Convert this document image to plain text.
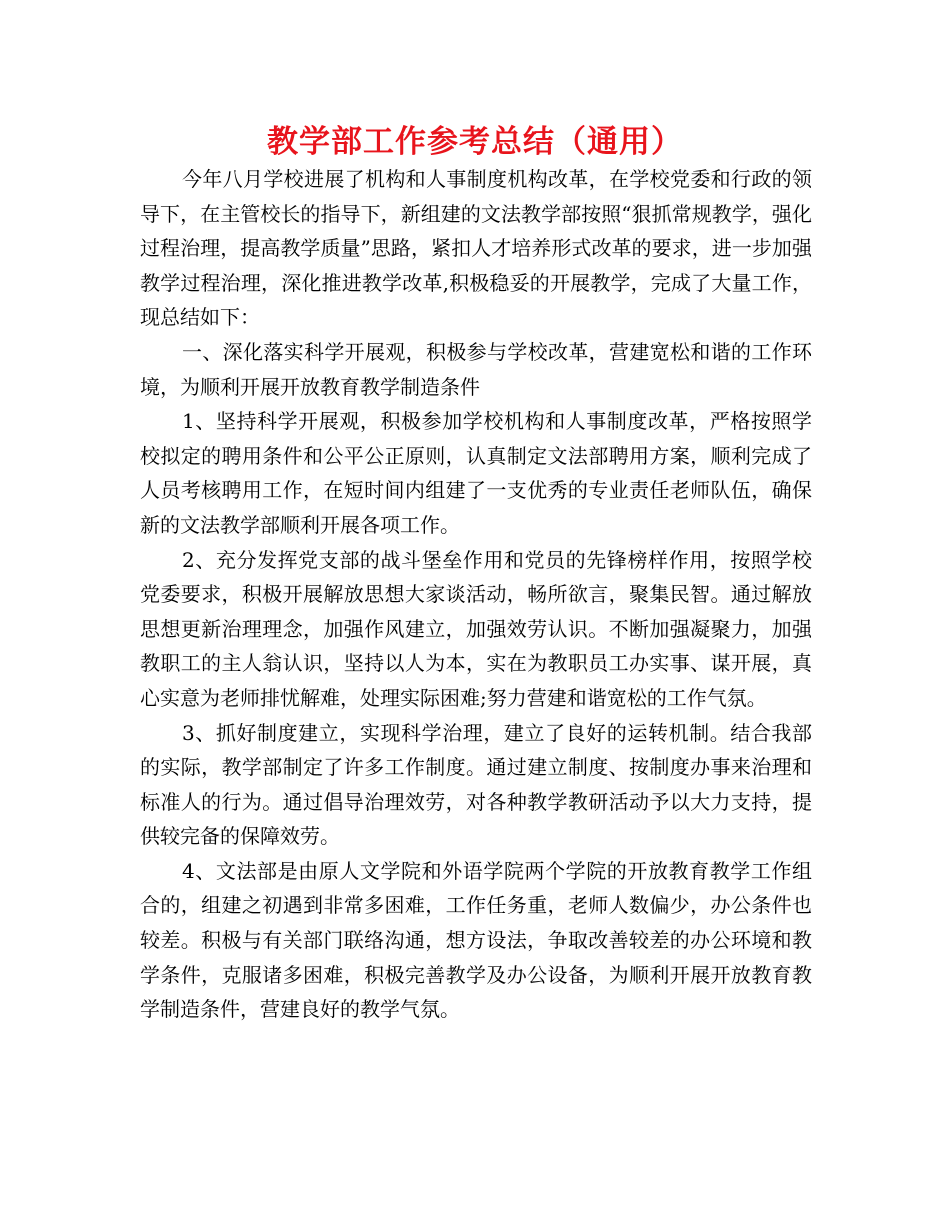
教学部工作参考总结（通用）

今年八月学校进展了机构和人事制度机构改革，在学校党委和行政的领导下，在主管校长的指导下，新组建的文法教学部按照“狠抓常规教学，强化过程治理，提高教学质量”思路，紧扣人才培养形式改革的要求，进一步加强教学过程治理，深化推进教学改革,积极稳妥的开展教学，完成了大量工作，现总结如下：

一、深化落实科学开展观，积极参与学校改革，营建宽松和谐的工作环境，为顺利开展开放教育教学制造条件

1、坚持科学开展观，积极参加学校机构和人事制度改革，严格按照学校拟定的聘用条件和公平公正原则，认真制定文法部聘用方案，顺利完成了人员考核聘用工作，在短时间内组建了一支优秀的专业责任老师队伍，确保新的文法教学部顺利开展各项工作。

2、充分发挥党支部的战斗堡垒作用和党员的先锋榜样作用，按照学校党委要求，积极开展解放思想大家谈活动，畅所欲言，聚集民智。通过解放思想更新治理理念，加强作风建立，加强效劳认识。不断加强凝聚力，加强教职工的主人翁认识，坚持以人为本，实在为教职员工办实事、谋开展，真心实意为老师排忧解难，处理实际困难;努力营建和谐宽松的工作气氛。

3、抓好制度建立，实现科学治理，建立了良好的运转机制。结合我部的实际，教学部制定了许多工作制度。通过建立制度、按制度办事来治理和标准人的行为。通过倡导治理效劳，对各种教学教研活动予以大力支持，提供较完备的保障效劳。

4、文法部是由原人文学院和外语学院两个学院的开放教育教学工作组合的，组建之初遇到非常多困难，工作任务重，老师人数偏少，办公条件也较差。积极与有关部门联络沟通，想方设法，争取改善较差的办公环境和教学条件，克服诸多困难，积极完善教学及办公设备，为顺利开展开放教育教学制造条件，营建良好的教学气氛。
